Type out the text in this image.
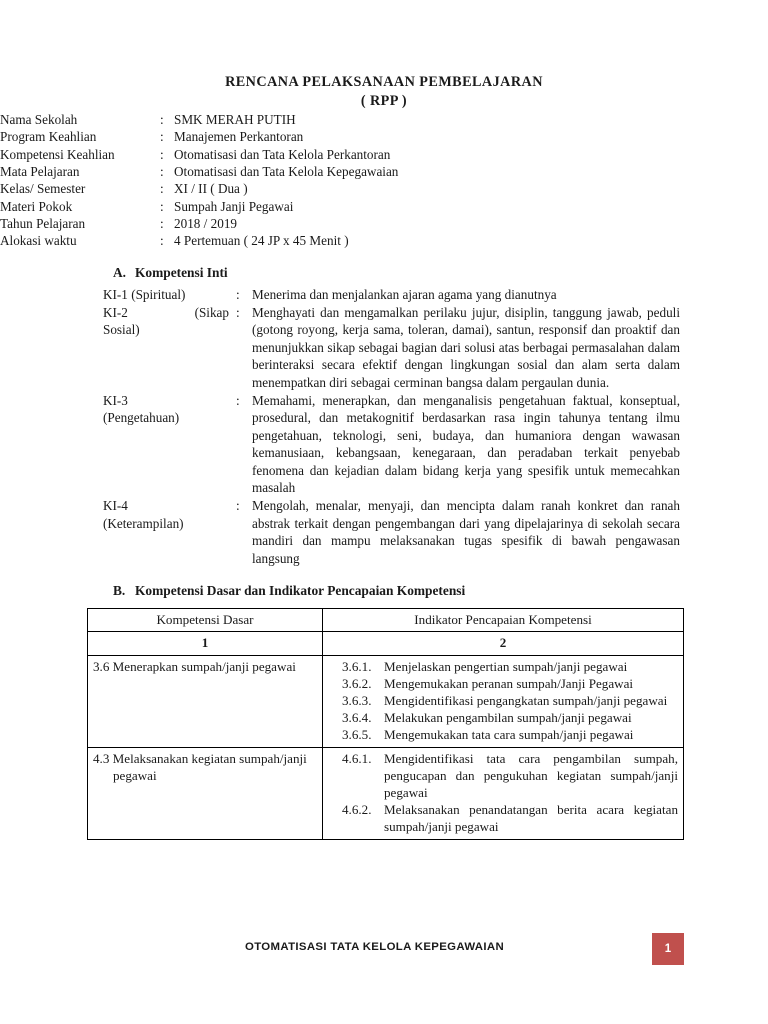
RENCANA PELAKSANAAN PEMBELAJARAN
( RPP )
Nama Sekolah	:	SMK MERAH PUTIH
Program Keahlian	:	Manajemen Perkantoran
Kompetensi Keahlian	:	Otomatisasi dan Tata Kelola Perkantoran
Mata Pelajaran	:	Otomatisasi dan Tata Kelola Kepegawaian
Kelas/ Semester	:	XI / II ( Dua )
Materi Pokok	:	Sumpah Janji Pegawai
Tahun Pelajaran	:	2018 / 2019
Alokasi waktu	:	4 Pertemuan ( 24 JP x 45 Menit )
A. Kompetensi Inti
KI-1 (Spiritual)	:	Menerima dan menjalankan ajaran agama yang dianutnya

KI-2	(Sikap
Sosial)	:	Menghayati dan mengamalkan perilaku jujur, disiplin, tanggung jawab, peduli (gotong royong, kerja sama, toleran, damai), santun, responsif dan proaktif dan menunjukkan sikap sebagai bagian dari solusi atas berbagai permasalahan dalam berinteraksi secara efektif dengan lingkungan sosial dan alam serta dalam menempatkan diri sebagai cerminan bangsa dalam pergaulan dunia.
KI-3
(Pengetahuan)	:	Memahami, menerapkan, dan menganalisis pengetahuan faktual, konseptual, prosedural, dan metakognitif berdasarkan rasa ingin tahunya tentang ilmu pengetahuan, teknologi, seni, budaya, dan humaniora dengan wawasan kemanusiaan, kebangsaan, kenegaraan, dan peradaban terkait penyebab fenomena dan kejadian dalam bidang kerja yang spesifik untuk memecahkan masalah
KI-4
(Keterampilan)	:	Mengolah, menalar, menyaji, dan mencipta dalam ranah konkret dan ranah abstrak terkait dengan pengembangan dari yang dipelajarinya di sekolah secara mandiri dan mampu melaksanakan tugas spesifik di bawah pengawasan langsung
B. Kompetensi Dasar dan Indikator Pencapaian Kompetensi
Kompetensi Dasar	Indikator Pencapaian Kompetensi
1	2

3.6 Menerapkan sumpah/janji pegawai	3.6.1. Menjelaskan pengertian sumpah/janji pegawai
3.6.2. Mengemukakan peranan sumpah/Janji Pegawai
3.6.3. Mengidentifikasi pengangkatan sumpah/janji pegawai
3.6.4. Melakukan pengambilan sumpah/janji pegawai
3.6.5. Mengemukakan tata cara sumpah/janji pegawai

4.3 Melaksanakan kegiatan sumpah/janji pegawai	4.6.1. Mengidentifikasi tata cara pengambilan sumpah, pengucapan dan pengukuhan kegiatan sumpah/janji pegawai
4.6.2. Melaksanakan penandatangan berita acara kegiatan sumpah/janji pegawai
OTOMATISASI TATA KELOLA KEPEGAWAIAN	1
